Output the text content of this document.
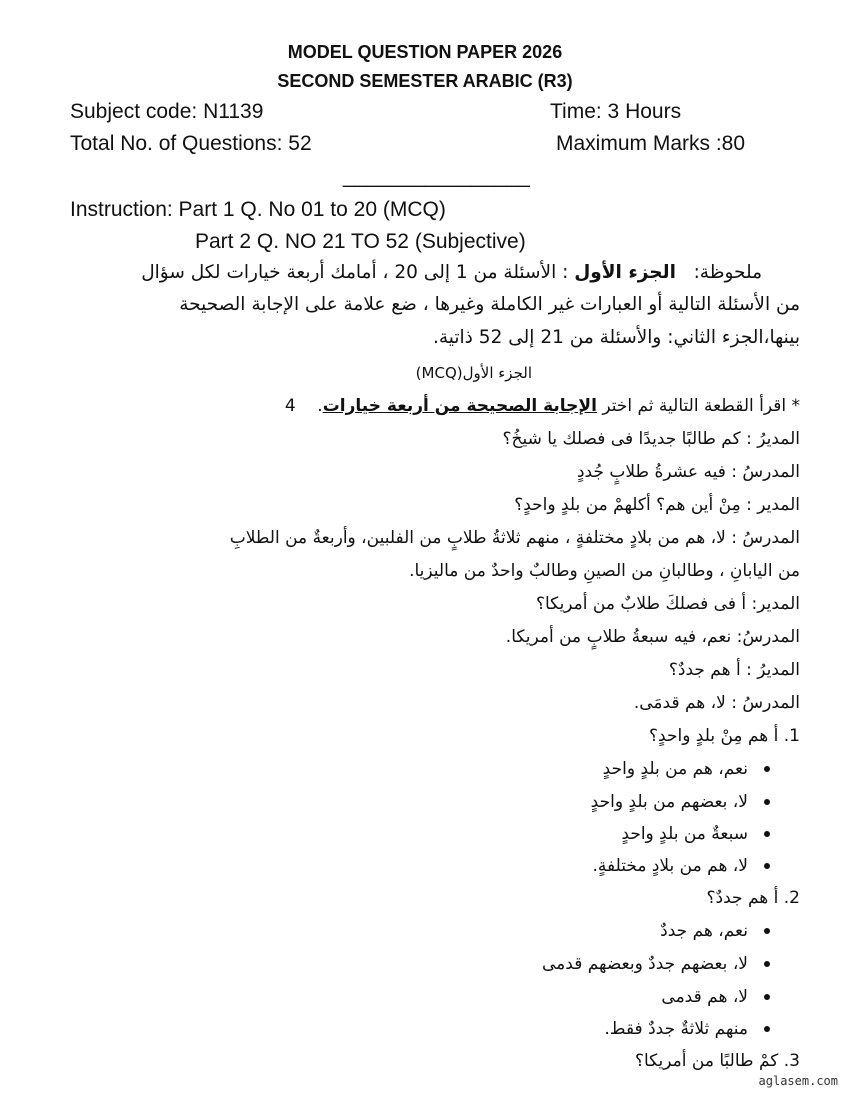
MODEL QUESTION PAPER 2026
SECOND SEMESTER ARABIC (R3)
Subject code: N1139	Time: 3 Hours
Total No. of Questions: 52	Maximum Marks :80
________________
Instruction: Part 1 Q. No 01 to 20 (MCQ)
Part 2 Q. NO 21 TO 52 (Subjective)
ملحوظة:   الجزء الأول : الأسئلة من 1 إلى 20 ، أمامك أربعة خيارات لكل سؤال
من الأسئلة التالية أو العبارات غير الكاملة وغيرها ، ضع علامة على الإجابة الصحيحة
بينها،الجزء الثاني: والأسئلة من 21 إلى 52 ذاتية.
الجزء الأول(MCQ)
* اقرأ القطعة التالية ثم اختر الإجابة الصحيحة من أربعة خيارات.    4
المديرُ : كم طالبًا جديدًا فى فصلك يا شيخُ؟
المدرسُ : فيه عشرةُ طلابٍ جُددٍ
المدير : مِنْ أين هم؟ أكلهمْ من بلدٍ واحدٍ؟
المدرسُ : لا، هم من بلادٍ مختلفةٍ ، منهم ثلاثةُ طلابٍ من الفلبين، وأربعةٌ من الطلابِ
من اليابانِ ، وطالبانِ من الصينِ وطالبٌ واحدٌ من ماليزيا.
المدير: أ فى فصلكَ طلابٌ من أمريكا؟
المدرسُ: نعم، فيه سبعةُ طلابٍ من أمريكا.
المديرُ : أ هم جددٌ؟
المدرسُ : لا، هم قدمَى.
1. أ هم مِنْ بلدٍ واحدٍ؟
نعم، هم من بلدٍ واحدٍ
لا، بعضهم من بلدٍ واحدٍ
سبعةٌ من بلدٍ واحدٍ
لا، هم من بلادٍ مختلفةٍ.
2. أ هم جددٌ؟
نعم، هم جددٌ
لا، بعضهم جددٌ وبعضهم قدمى
لا، هم قدمى
منهم ثلاثةٌ جددٌ فقط.
3. كمْ طالبًا من أمريكا؟
aglasem.com
